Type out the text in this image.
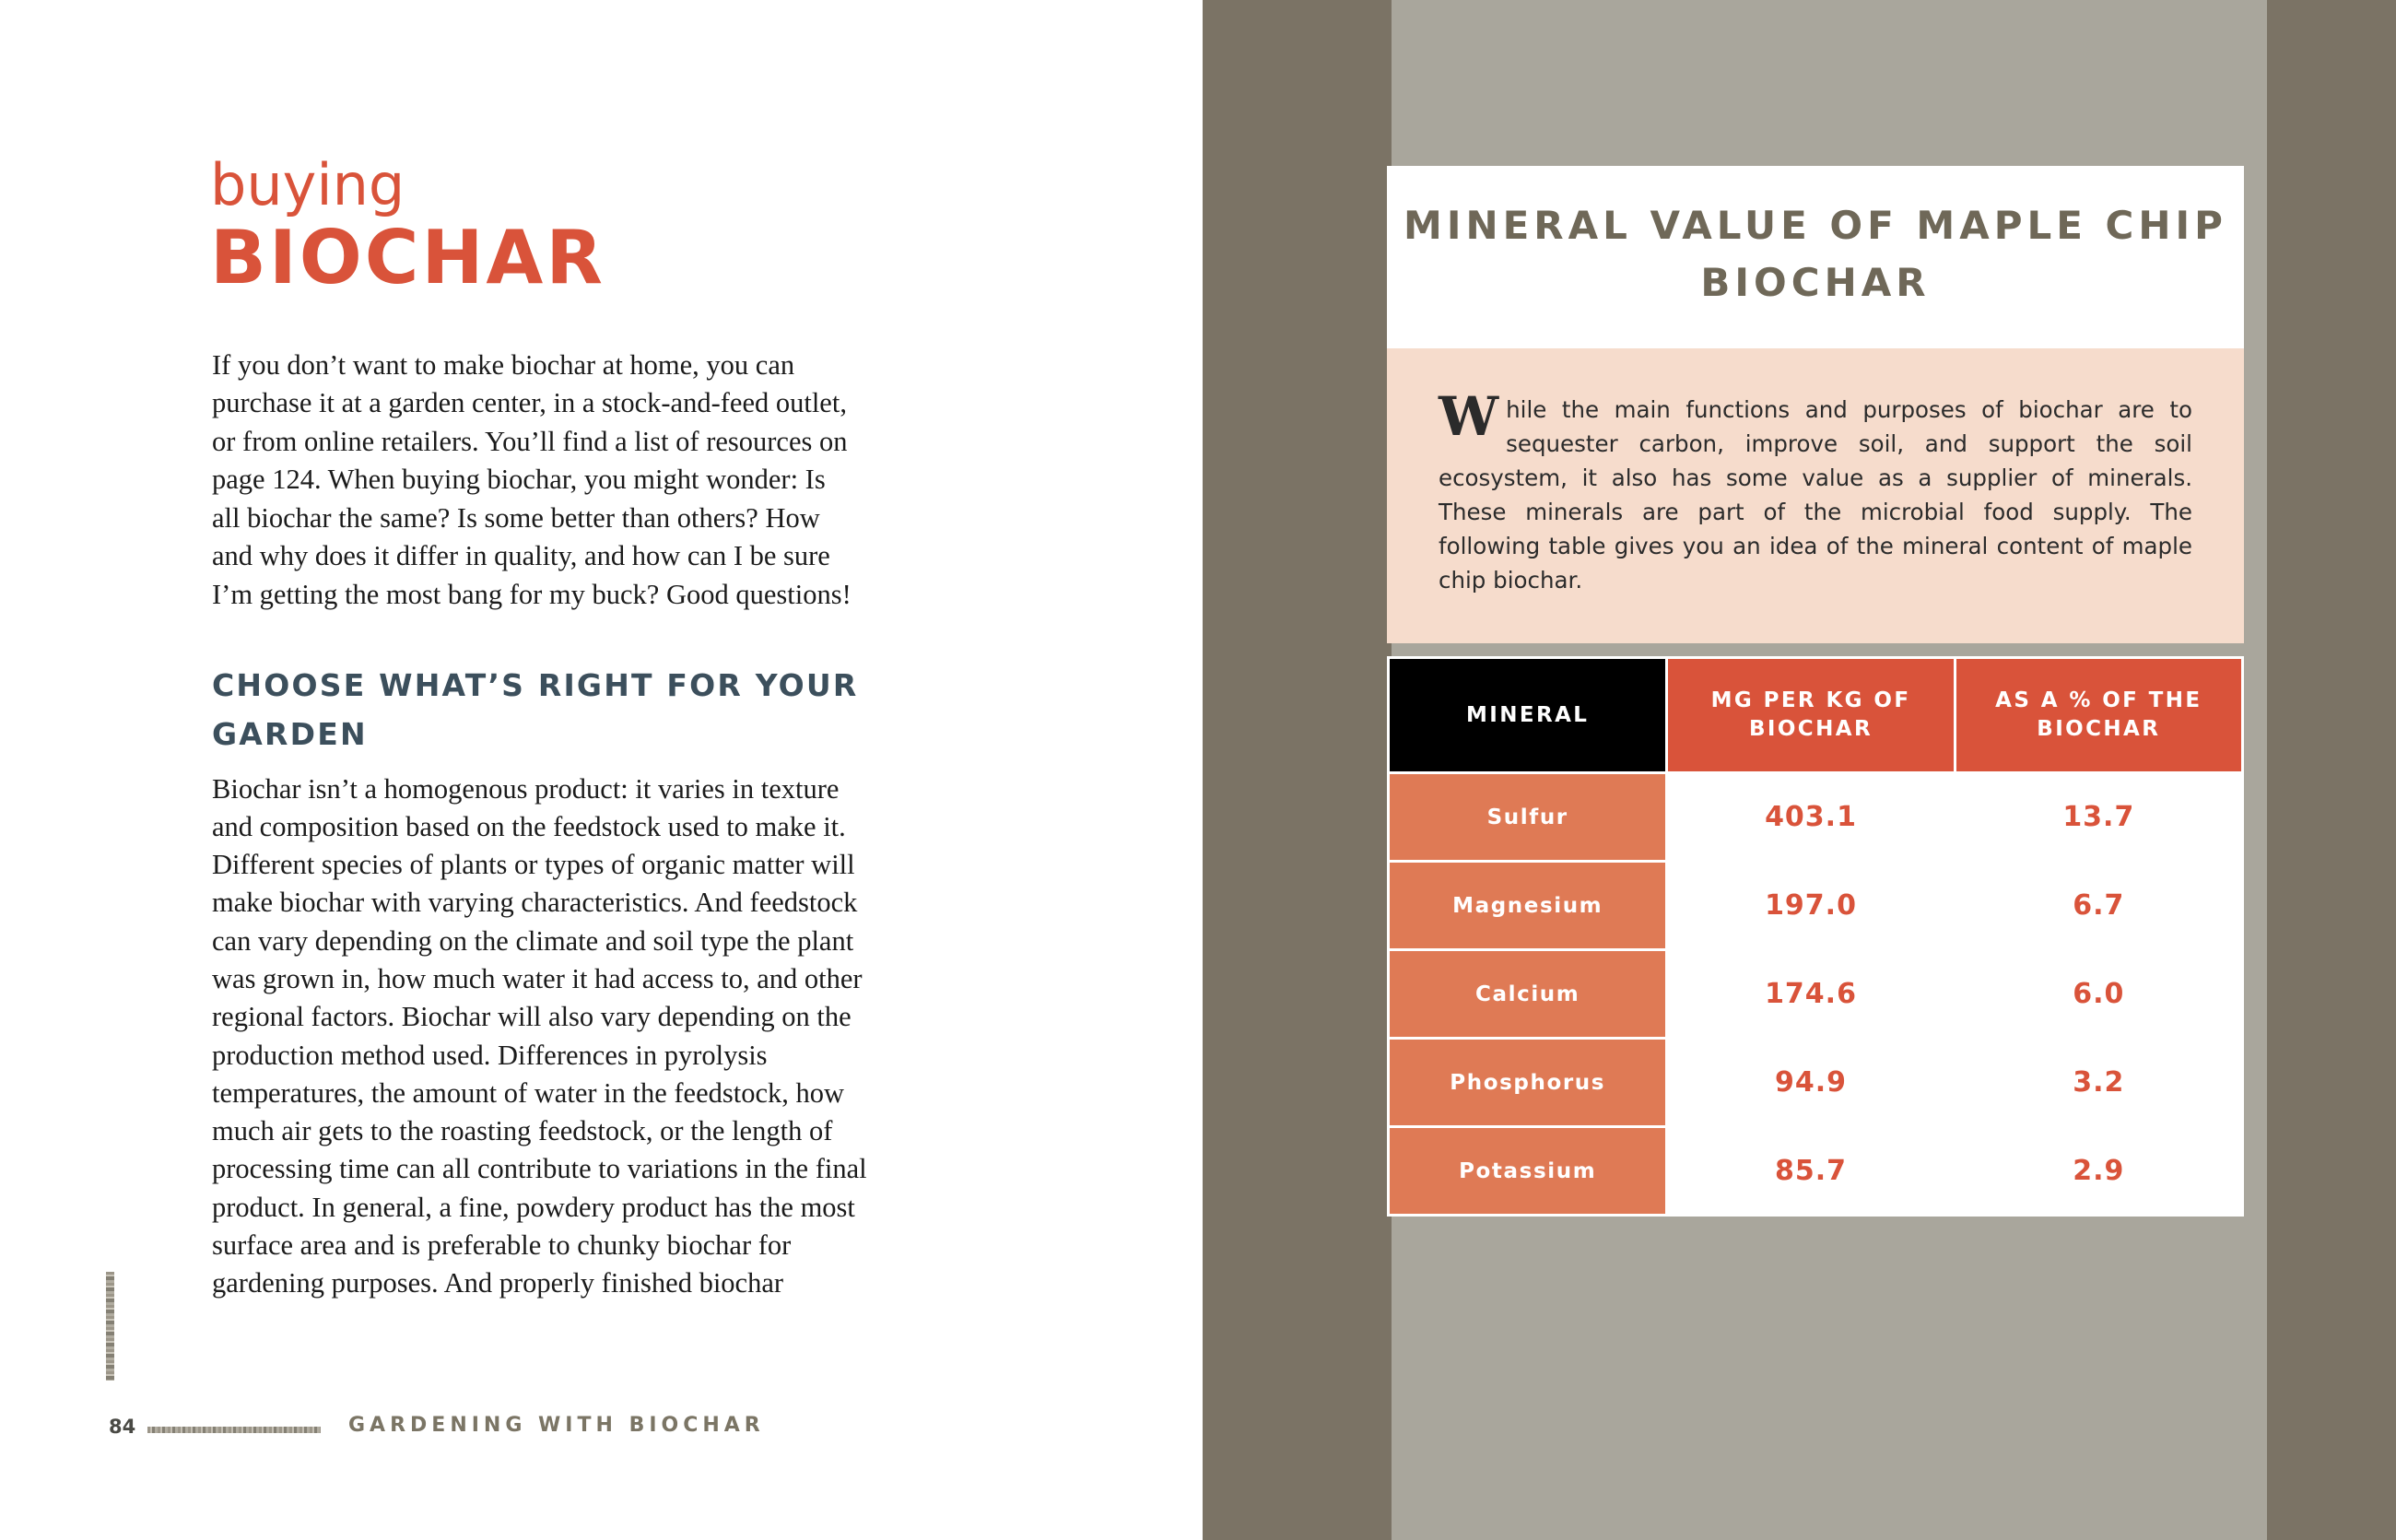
buying
BIOCHAR

If you don’t want to make biochar at home, you can purchase it at a garden center, in a stock-and-feed outlet, or from online retailers. You’ll find a list of resources on page 124. When buying biochar, you might wonder: Is all biochar the same? Is some better than others? How and why does it differ in quality, and how can I be sure I’m getting the most bang for my buck? Good questions!

CHOOSE WHAT’S RIGHT FOR YOUR GARDEN

Biochar isn’t a homogenous product: it varies in texture and composition based on the feedstock used to make it. Different species of plants or types of organic matter will make biochar with varying characteristics. And feedstock can vary depending on the climate and soil type the plant was grown in, how much water it had access to, and other regional factors. Biochar will also vary depending on the production method used. Differences in pyrolysis temperatures, the amount of water in the feedstock, how much air gets to the roasting feedstock, or the length of processing time can all contribute to variations in the final product. In general, a fine, powdery product has the most surface area and is preferable to chunky biochar for gardening purposes. And properly finished biochar

84	GARDENING WITH BIOCHAR
MINERAL VALUE OF MAPLE CHIP BIOCHAR
While the main functions and purposes of biochar are to sequester carbon, improve soil, and support the soil ecosystem, it also has some value as a supplier of minerals. These minerals are part of the microbial food supply. The following table gives you an idea of the mineral content of maple chip biochar.
MINERAL	MG PER KG OF BIOCHAR	AS A % OF THE BIOCHAR
Sulfur	403.1	13.7
Magnesium	197.0	6.7
Calcium	174.6	6.0
Phosphorus	94.9	3.2
Potassium	85.7	2.9
